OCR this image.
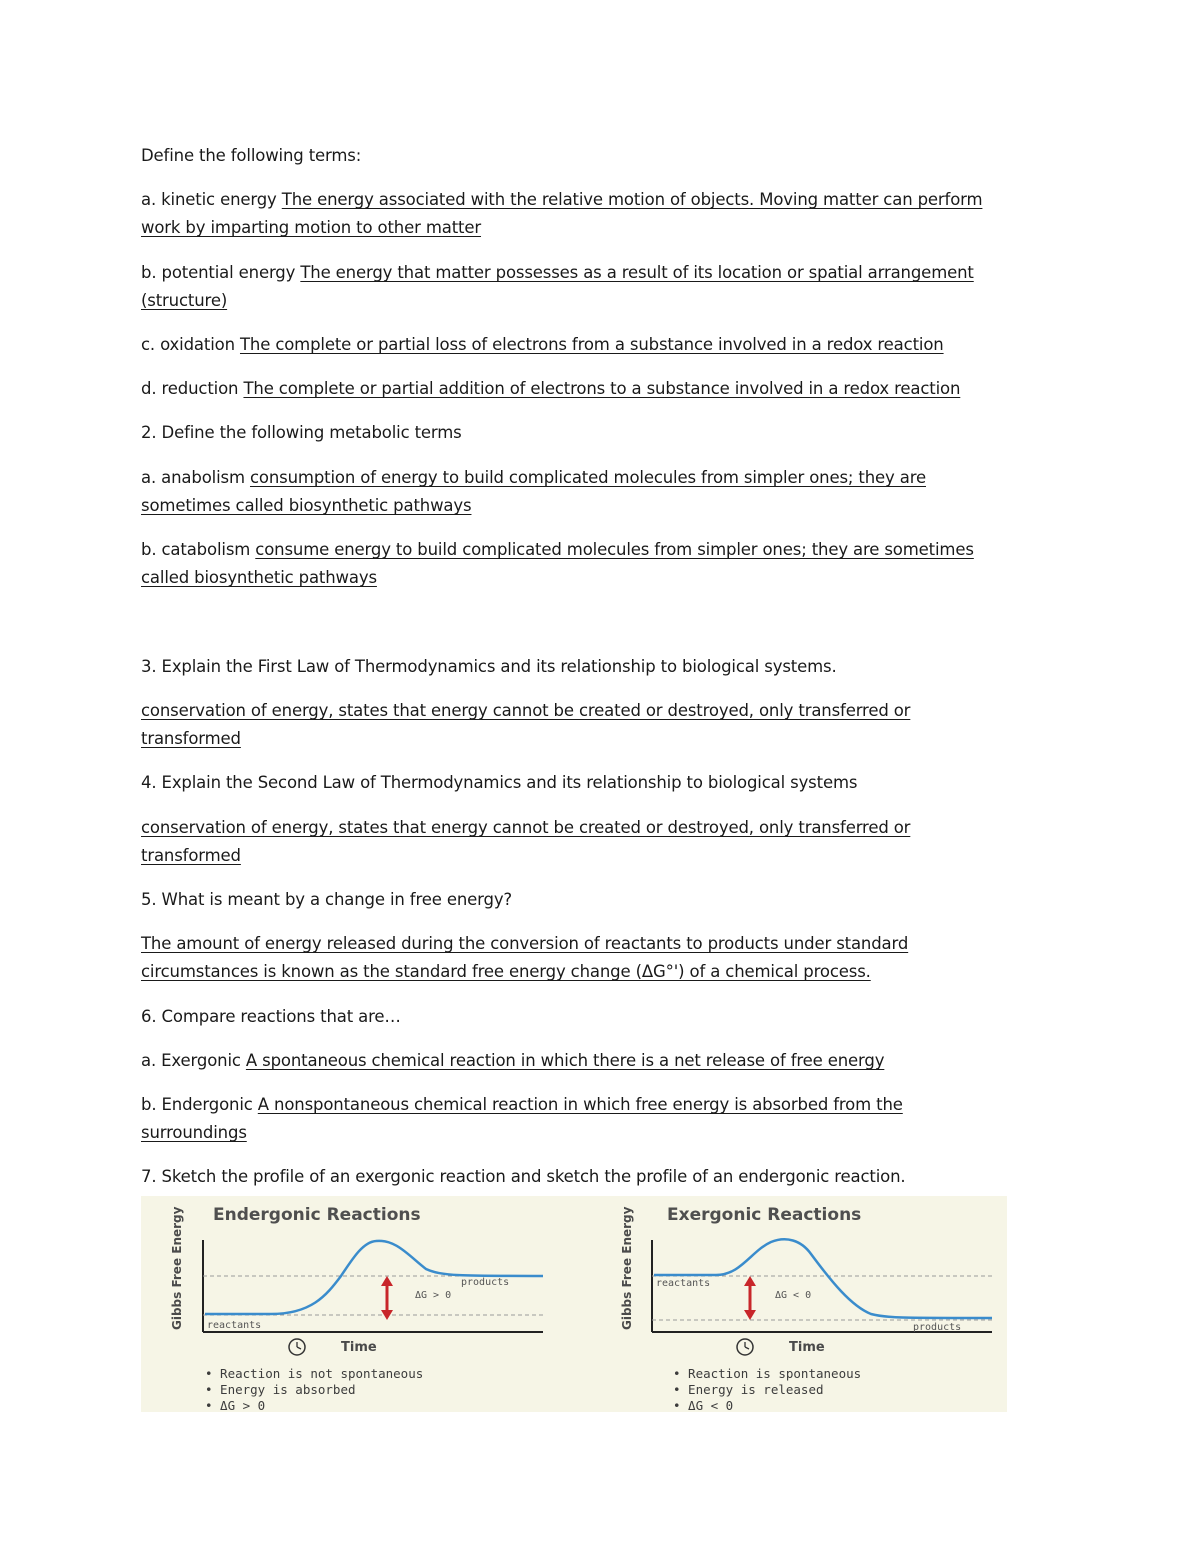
Define the following terms:
a. kinetic energy The energy associated with the relative motion of objects. Moving matter can perform
work by imparting motion to other matter
b. potential energy The energy that matter possesses as a result of its location or spatial arrangement
(structure)
c. oxidation The complete or partial loss of electrons from a substance involved in a redox reaction
d. reduction The complete or partial addition of electrons to a substance involved in a redox reaction
2. Define the following metabolic terms
a. anabolism consumption of energy to build complicated molecules from simpler ones; they are
sometimes called biosynthetic pathways
b. catabolism consume energy to build complicated molecules from simpler ones; they are sometimes
called biosynthetic pathways
3. Explain the First Law of Thermodynamics and its relationship to biological systems.
conservation of energy, states that energy cannot be created or destroyed, only transferred or
transformed
4. Explain the Second Law of Thermodynamics and its relationship to biological systems
conservation of energy, states that energy cannot be created or destroyed, only transferred or
transformed
5. What is meant by a change in free energy?
The amount of energy released during the conversion of reactants to products under standard
circumstances is known as the standard free energy change (ΔG°') of a chemical process.
6. Compare reactions that are…
a. Exergonic A spontaneous chemical reaction in which there is a net release of free energy
b. Endergonic A nonspontaneous chemical reaction in which free energy is absorbed from the
surroundings
7. Sketch the profile of an exergonic reaction and sketch the profile of an endergonic reaction.
Endergonic Reactions
Gibbs Free Energy	products
ΔG > 0
reactants
Time
• Reaction is not spontaneous
• Energy is absorbed
• ΔG > 0
Exergonic Reactions
Gibbs Free Energy reactants
ΔG < 0
products
Time
• Reaction is spontaneous
• Energy is released
• ΔG < 0
